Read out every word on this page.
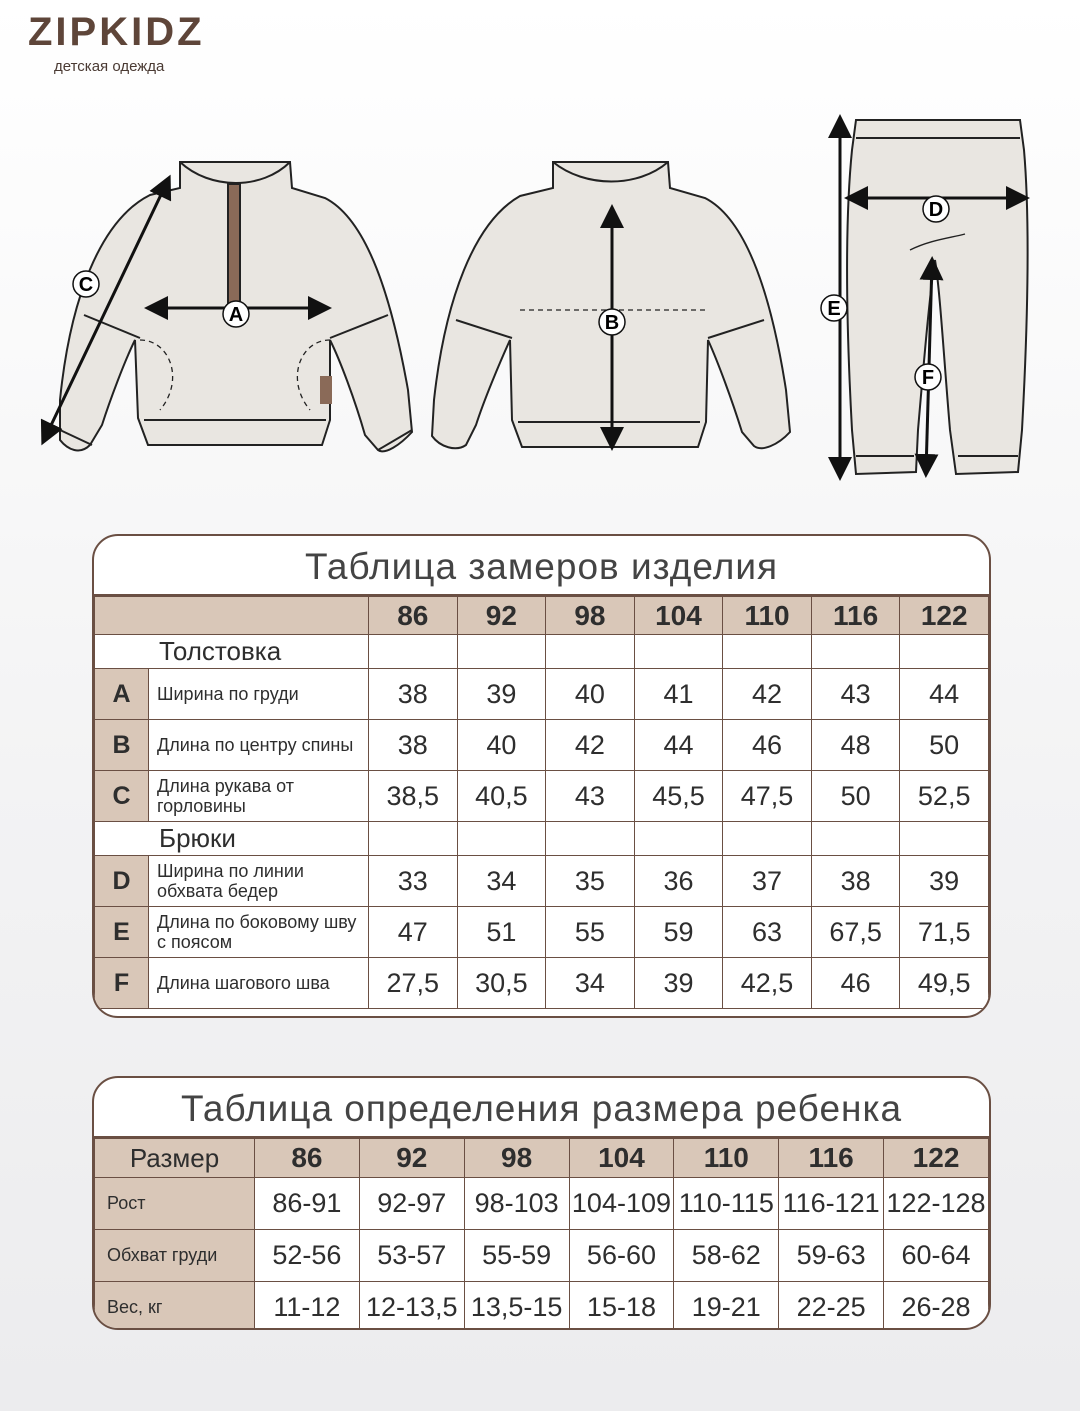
ZIPKIDZ
детская одежда
A	B
C
D
E
F
Таблица замеров изделия
		86	92	98	104	110	116	122
Толстовка								
A	Ширина по груди	38	39	40	41	42	43	44
B	Длина по центру спины	38	40	42	44	46	48	50
C	Длина рукава от горловины	38,5	40,5	43	45,5	47,5	50	52,5
Брюки								
D	Ширина по линии обхвата бедер	33	34	35	36	37	38	39
E	Длина по боковому шву с поясом	47	51	55	59	63	67,5	71,5
F	Длина шагового шва	27,5	30,5	34	39	42,5	46	49,5
Таблица определения размера ребенка
Размер	86	92	98	104	110	116	122
Рост	86-91	92-97	98-103	104-109	110-115	116-121	122-128
Обхват груди	52-56	53-57	55-59	56-60	58-62	59-63	60-64
Вес, кг	11-12	12-13,5	13,5-15	15-18	19-21	22-25	26-28
